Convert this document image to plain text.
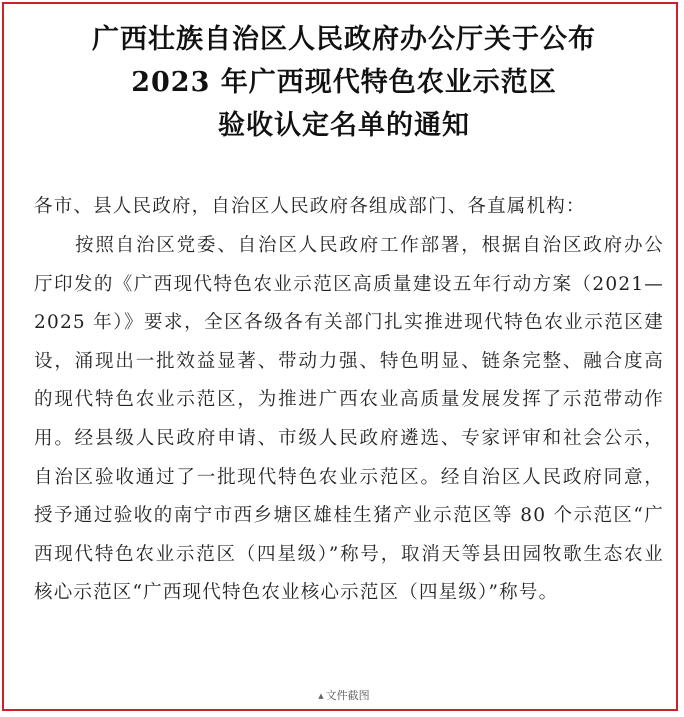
广西壮族自治区人民政府办公厅关于公布
2023 年广西现代特色农业示范区
验收认定名单的通知
各市、县人民政府，自治区人民政府各组成部门、各直属机构：
按照自治区党委、自治区人民政府工作部署，根据自治区政府办公厅印发的《广西现代特色农业示范区高质量建设五年行动方案（2021—2025 年）》要求，全区各级各有关部门扎实推进现代特色农业示范区建设，涌现出一批效益显著、带动力强、特色明显、链条完整、融合度高的现代特色农业示范区，为推进广西农业高质量发展发挥了示范带动作用。经县级人民政府申请、市级人民政府遴选、专家评审和社会公示，自治区验收通过了一批现代特色农业示范区。经自治区人民政府同意，授予通过验收的南宁市西乡塘区雄桂生猪产业示范区等 80 个示范区“广西现代特色农业示范区（四星级）”称号，取消天等县田园牧歌生态农业核心示范区“广西现代特色农业核心示范区（四星级）”称号。
▲ 文件截图
